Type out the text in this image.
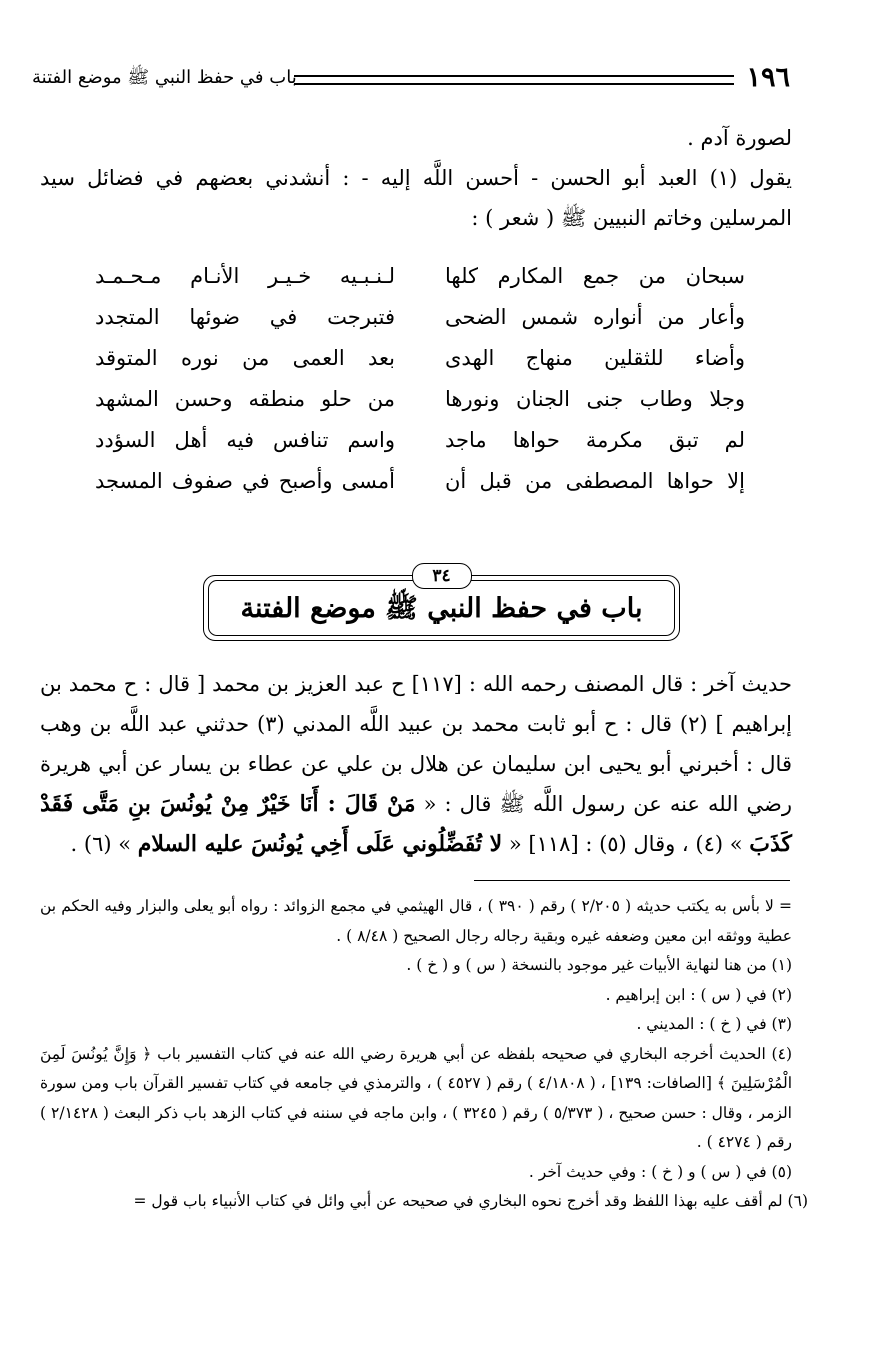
١٩٦
باب في حفظ النبي ﷺ موضع الفتنة

لصورة آدم .

يقول (١) العبد أبو الحسن - أحسن اللَّه إليه - : أنشدني بعضهم في فضائل سيد المرسلين وخاتم النبيين ﷺ ( شعر ) :

سبحان من جمع المكارم كلها
لـنـبـيه خـيـر الأنـام مـحـمـد
وأعار من أنواره شمس الضحى
فتبرجت في ضوئها المتجدد
وأضاء للثقلين منهاج الهدى
بعد العمى من نوره المتوقد
وجلا وطاب جنى الجنان ونورها
من حلو منطقه وحسن المشهد
لم تبق مكرمة حواها ماجد
واسم تنافس فيه أهل السؤدد
إلا حواها المصطفى من قبل أن
أمسى وأصبح في صفوف المسجد
٣٤
باب في حفظ النبي ﷺ موضع الفتنة

حديث آخر : قال المصنف رحمه الله : [١١٧] ح عبد العزيز بن محمد [ قال : ح محمد بن إبراهيم ] (٢) قال : ح أبو ثابت محمد بن عبيد اللَّه المدني (٣) حدثني عبد اللَّه بن وهب قال : أخبرني أبو يحيى ابن سليمان عن هلال بن علي عن عطاء بن يسار عن أبي هريرة رضي الله عنه عن رسول اللَّه ﷺ قال : « مَنْ قَالَ : أَنَا خَيْرٌ مِنْ يُونُسَ بنِ مَتَّى فَقَدْ كَذَبَ » (٤) ، وقال (٥) : [١١٨] « لا تُفَضِّلُوني عَلَى أَخِي يُونُسَ عليه السلام » (٦) .

= لا بأس به يكتب حديثه ( ٢/٢٠٥ ) رقم ( ٣٩٠ ) ، قال الهيثمي في مجمع الزوائد : رواه أبو يعلى والبزار وفيه الحكم بن عطية ووثقه ابن معين وضعفه غيره وبقية رجاله رجال الصحيح ( ٨/٤٨ ) .

(١) من هنا لنهاية الأبيات غير موجود بالنسخة ( س ) و ( خ ) .

(٢) في ( س ) : ابن إبراهيم .

(٣) في ( خ ) : المديني .

(٤) الحديث أخرجه البخاري في صحيحه بلفظه عن أبي هريرة رضي الله عنه في كتاب التفسير باب ﴿ وَإِنَّ يُونُسَ لَمِنَ الْمُرْسَلِينَ ﴾ [الصافات: ١٣٩] ، ( ٤/١٨٠٨ ) رقم ( ٤٥٢٧ ) ، والترمذي في جامعه في كتاب تفسير القرآن باب ومن سورة الزمر ، وقال : حسن صحيح ، ( ٥/٣٧٣ ) رقم ( ٣٢٤٥ ) ، وابن ماجه في سننه في كتاب الزهد باب ذكر البعث ( ٢/١٤٢٨ ) رقم ( ٤٢٧٤ ) .

(٥) في ( س ) و ( خ ) : وفي حديث آخر .

(٦) لم أقف عليه بهذا اللفظ وقد أخرج نحوه البخاري في صحيحه عن أبي وائل في كتاب الأنبياء باب قول =
